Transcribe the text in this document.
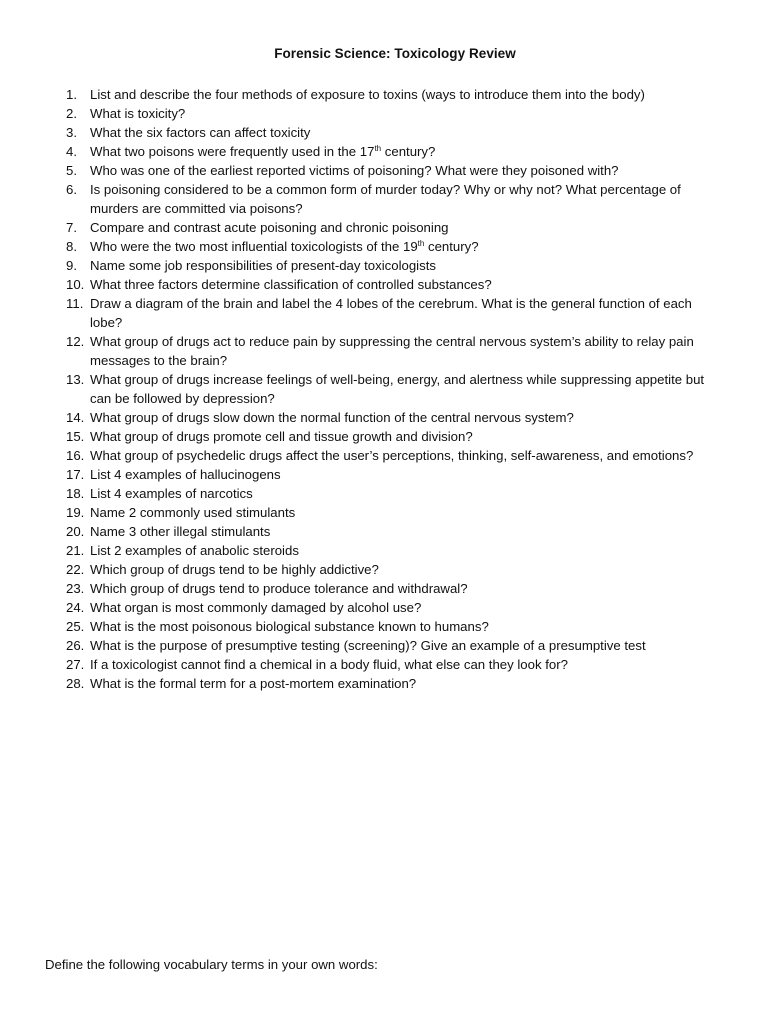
Forensic Science: Toxicology Review
1. List and describe the four methods of exposure to toxins (ways to introduce them into the body)
2. What is toxicity?
3. What the six factors can affect toxicity
4. What two poisons were frequently used in the 17th century?
5. Who was one of the earliest reported victims of poisoning? What were they poisoned with?
6. Is poisoning considered to be a common form of murder today? Why or why not? What percentage of murders are committed via poisons?
7. Compare and contrast acute poisoning and chronic poisoning
8. Who were the two most influential toxicologists of the 19th century?
9. Name some job responsibilities of present-day toxicologists
10. What three factors determine classification of controlled substances?
11. Draw a diagram of the brain and label the 4 lobes of the cerebrum. What is the general function of each lobe?
12. What group of drugs act to reduce pain by suppressing the central nervous system’s ability to relay pain messages to the brain?
13. What group of drugs increase feelings of well-being, energy, and alertness while suppressing appetite but can be followed by depression?
14. What group of drugs slow down the normal function of the central nervous system?
15. What group of drugs promote cell and tissue growth and division?
16. What group of psychedelic drugs affect the user’s perceptions, thinking, self-awareness, and emotions?
17. List 4 examples of hallucinogens
18. List 4 examples of narcotics
19. Name 2 commonly used stimulants
20. Name 3 other illegal stimulants
21. List 2 examples of anabolic steroids
22. Which group of drugs tend to be highly addictive?
23. Which group of drugs tend to produce tolerance and withdrawal?
24. What organ is most commonly damaged by alcohol use?
25. What is the most poisonous biological substance known to humans?
26. What is the purpose of presumptive testing (screening)? Give an example of a presumptive test
27. If a toxicologist cannot find a chemical in a body fluid, what else can they look for?
28. What is the formal term for a post-mortem examination?
Define the following vocabulary terms in your own words:
